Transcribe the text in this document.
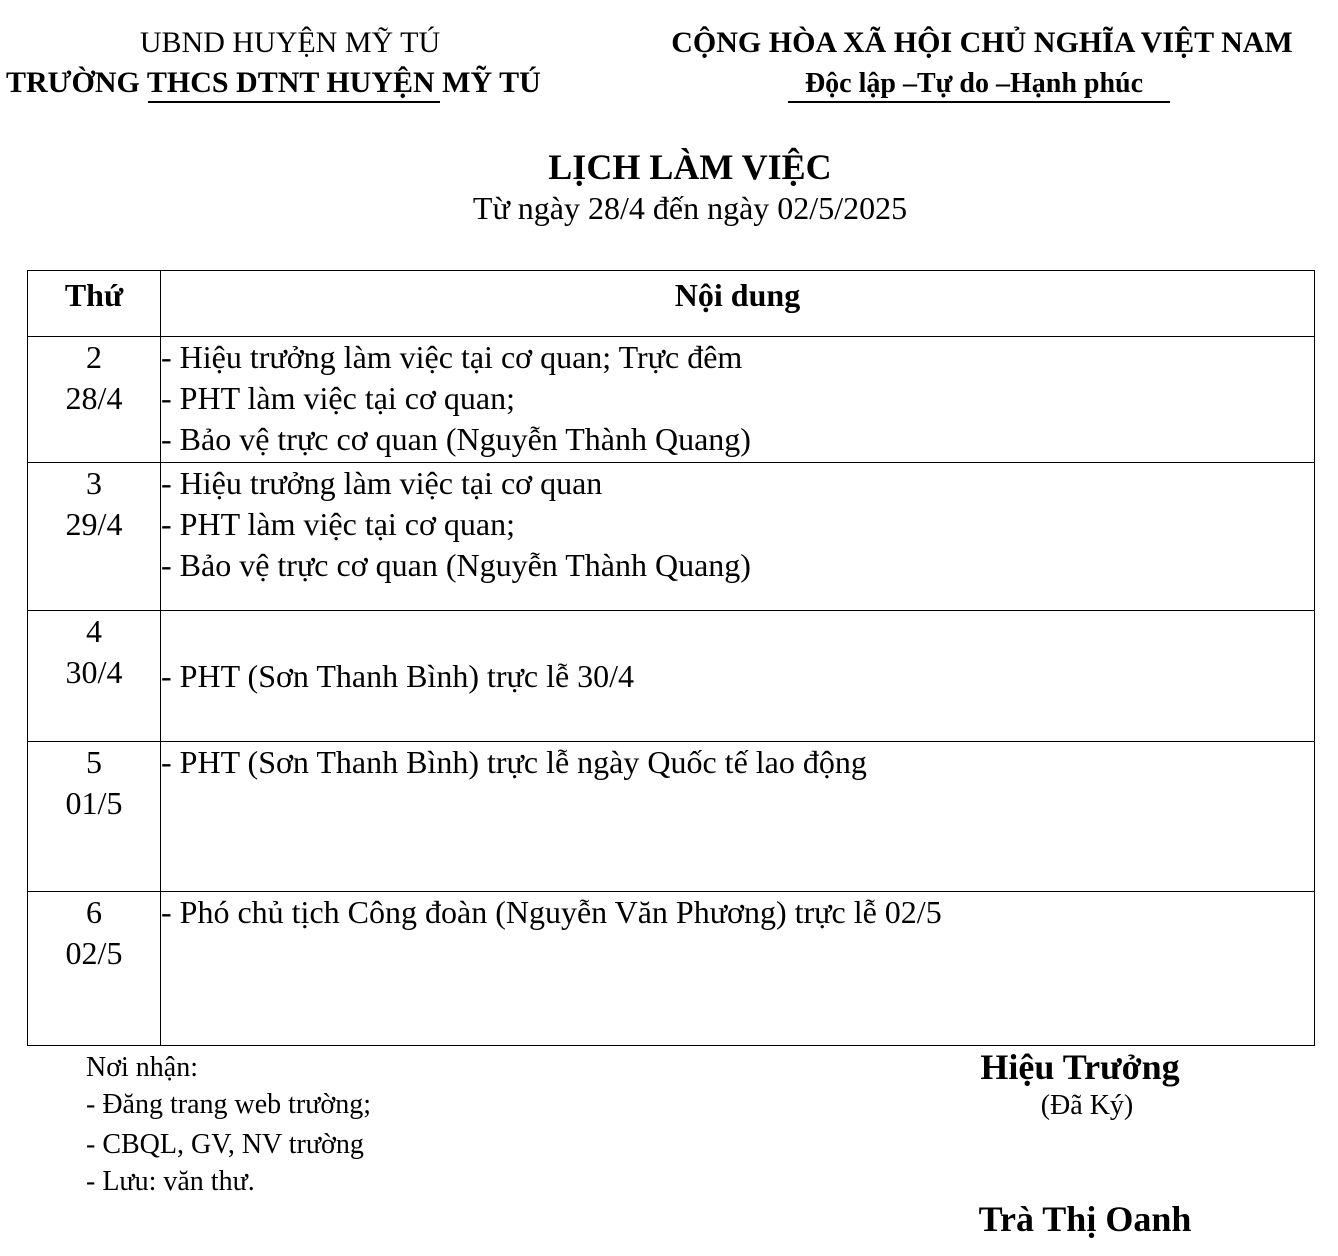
UBND HUYỆN MỸ TÚ
TRƯỜNG THCS DTNT HUYỆN MỸ TÚ
CỘNG HÒA XÃ HỘI CHỦ NGHĨA VIỆT NAM
Độc lập –Tự do –Hạnh phúc
LỊCH LÀM VIỆC
Từ ngày 28/4 đến ngày 02/5/2025
Thứ	Nội dung

2
28/4	- Hiệu trưởng làm việc tại cơ quan; Trực đêm
- PHT làm việc tại cơ quan;
- Bảo vệ trực cơ quan (Nguyễn Thành Quang)

3
29/4	- Hiệu trưởng làm việc tại cơ quan
- PHT làm việc tại cơ quan;
- Bảo vệ trực cơ quan (Nguyễn Thành Quang)

4
30/4	- PHT (Sơn Thanh Bình) trực lễ 30/4

5
01/5	- PHT (Sơn Thanh Bình) trực lễ ngày Quốc tế lao động

6
02/5	- Phó chủ tịch Công đoàn (Nguyễn Văn Phương) trực lễ 02/5
Nơi nhận:
- Đăng trang web trường;
- CBQL, GV, NV trường
- Lưu: văn thư.
Hiệu Trưởng
(Đã Ký)
Trà Thị Oanh
